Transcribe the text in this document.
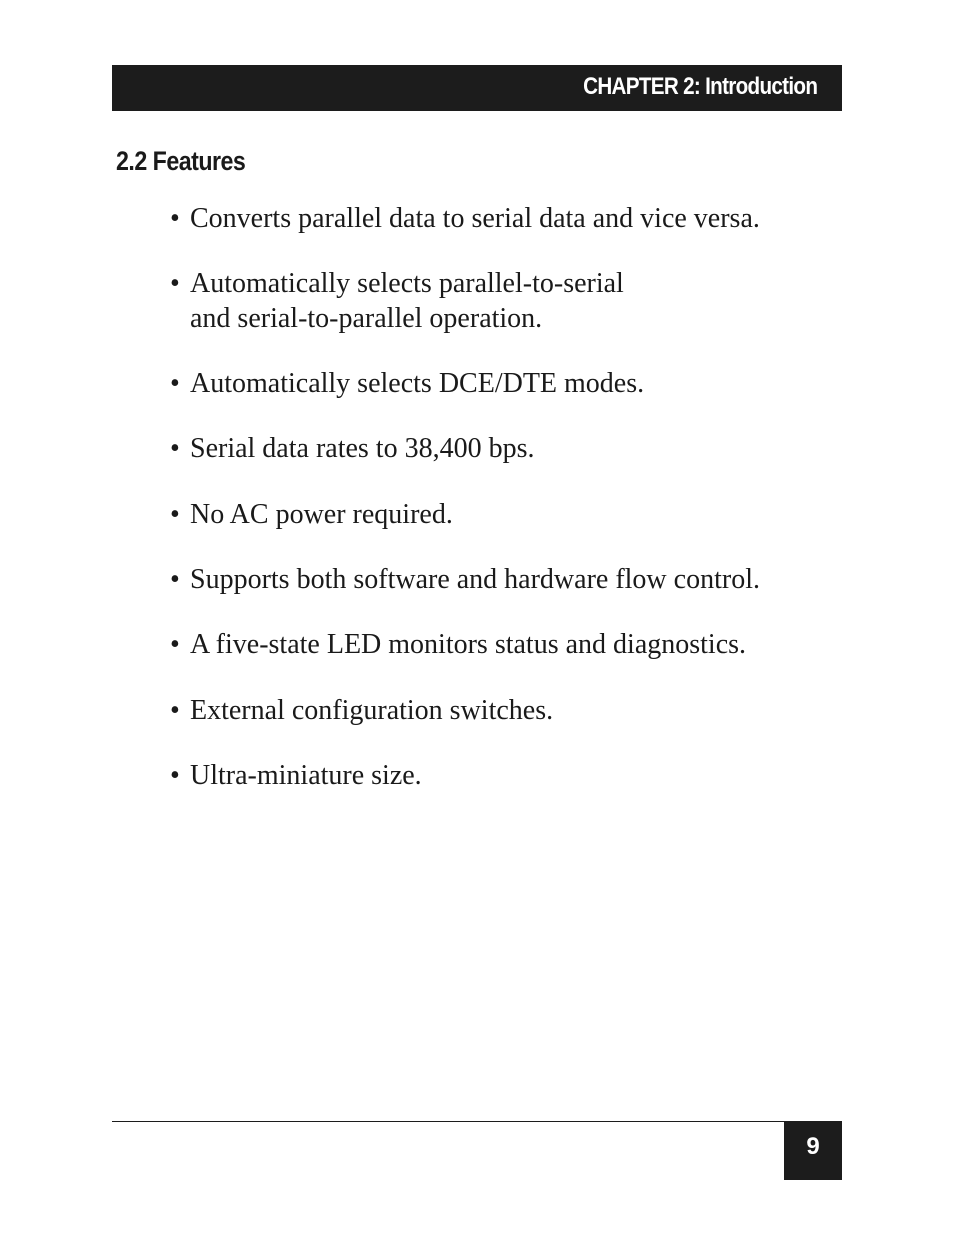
CHAPTER 2: Introduction
2.2 Features
• Converts parallel data to serial data and vice versa.
• Automatically selects parallel-to-serial
and serial-to-parallel operation.
• Automatically selects DCE/DTE modes.
• Serial data rates to 38,400 bps.
• No AC power required.
• Supports both software and hardware flow control.
• A five-state LED monitors status and diagnostics.
• External configuration switches.
• Ultra-miniature size.
9
